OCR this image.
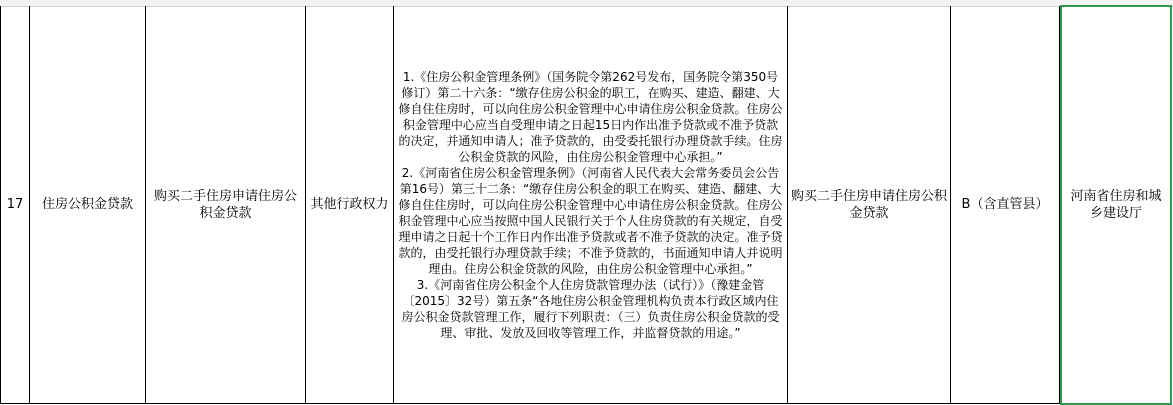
17 住房公积金贷款
购买二手住房申请住房公积金贷款
其他行政权力

1.《住房公积金管理条例》（国务院令第262号发布，国务院令第350号修订）第二十六条：“缴存住房公积金的职工，在购买、建造、翻建、大修自住住房时，可以向住房公积金管理中心申请住房公积金贷款。住房公积金管理中心应当自受理申请之日起15日内作出准予贷款或不准予贷款的决定，并通知申请人；准予贷款的，由受委托银行办理贷款手续。住房公积金贷款的风险，由住房公积金管理中心承担。”

2.《河南省住房公积金管理条例》（河南省人民代表大会常务委员会公告第16号）第三十二条：“缴存住房公积金的职工在购买、建造、翻建、大修自住住房时，可以向住房公积金管理中心申请住房公积金贷款。住房公积金管理中心应当按照中国人民银行关于个人住房贷款的有关规定，自受理申请之日起十个工作日内作出准予贷款或者不准予贷款的决定。准予贷款的，由受托银行办理贷款手续；不准予贷款的，书面通知申请人并说明理由。住房公积金贷款的风险，由住房公积金管理中心承担。”

3.《河南省住房公积金个人住房贷款管理办法（试行）》（豫建金管〔2015〕32号）第五条“各地住房公积金管理机构负责本行政区域内住房公积金贷款管理工作，履行下列职责：（三）负责住房公积金贷款的受理、审批、发放及回收等管理工作，并监督贷款的用途。”

购买二手住房申请住房公积金贷款
B（含直管县）
河南省住房和城乡建设厅
